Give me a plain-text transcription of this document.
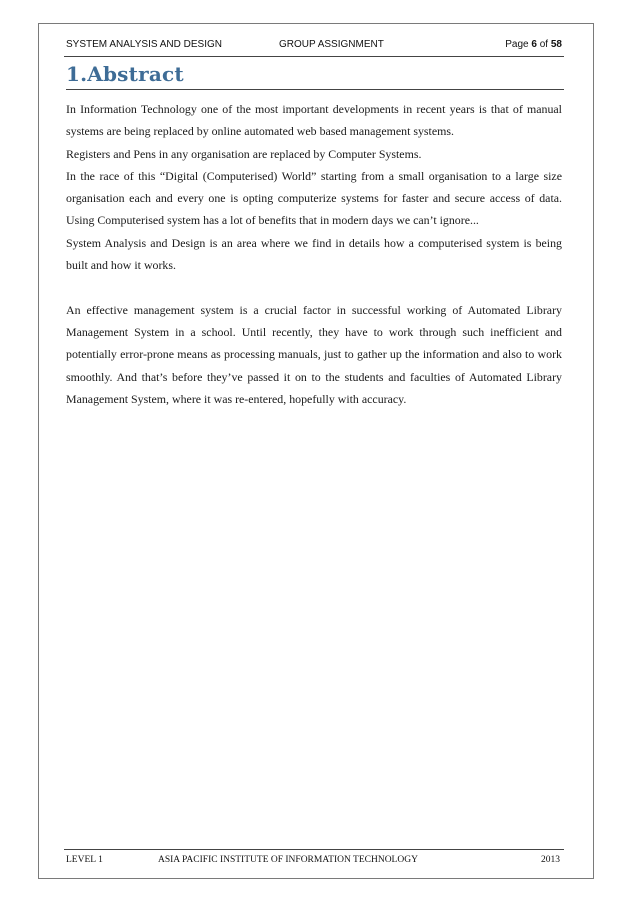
SYSTEM ANALYSIS AND DESIGN	GROUP ASSIGNMENT	Page 6 of 58
1.Abstract

In Information Technology one of the most important developments in recent years is that of manual systems are being replaced by online automated web based management systems.

Registers and Pens in any organisation are replaced by Computer Systems.

In the race of this “Digital (Computerised) World” starting from a small organisation to a large size organisation each and every one is opting computerize systems for faster and secure access of data. Using Computerised system has a lot of benefits that in modern days we can’t ignore...

System Analysis and Design is an area where we find in details how a computerised system is being built and how it works.

An effective management system is a crucial factor in successful working of Automated Library Management System in a school. Until recently, they have to work through such inefficient and potentially error-prone means as processing manuals, just to gather up the information and also to work smoothly. And that’s before they’ve passed it on to the students and faculties of Automated Library Management System, where it was re-entered, hopefully with accuracy.

LEVEL 1	ASIA PACIFIC INSTITUTE OF INFORMATION TECHNOLOGY	2013
